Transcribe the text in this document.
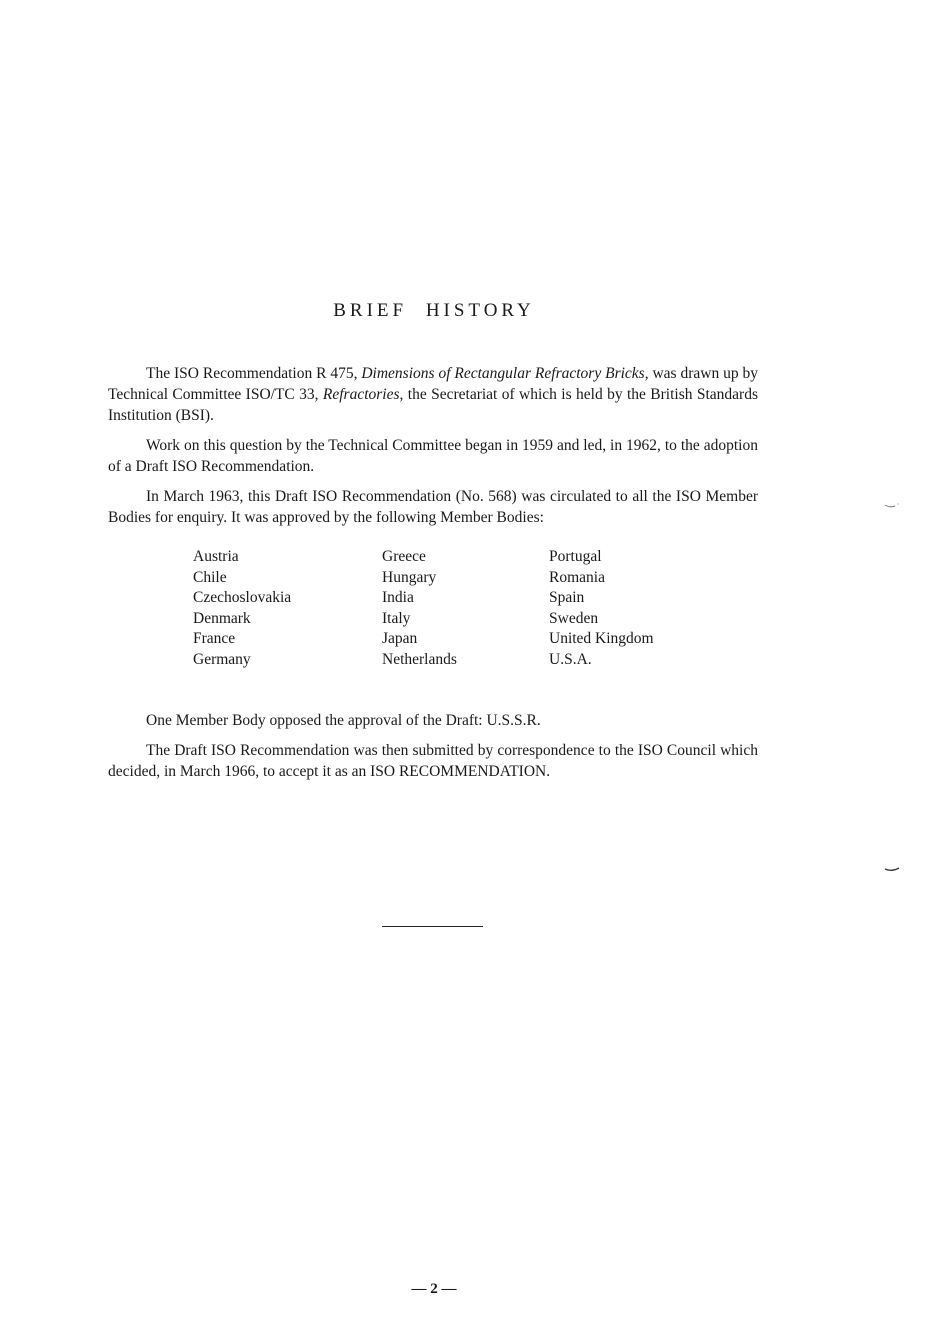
BRIEF HISTORY

The ISO Recommendation R 475, Dimensions of Rectangular Refractory Bricks, was drawn up by Technical Committee ISO/TC 33, Refractories, the Secretariat of which is held by the British Standards Institution (BSI).

Work on this question by the Technical Committee began in 1959 and led, in 1962, to the adoption of a Draft ISO Recommendation.

In March 1963, this Draft ISO Recommendation (No. 568) was circulated to all the ISO Member Bodies for enquiry. It was approved by the following Member Bodies:

Austria
Chile
Czechoslovakia
Denmark
France
Germany
Greece
Hungary
India
Italy
Japan
Netherlands
Portugal
Romania
Spain
Sweden
United Kingdom
U.S.A.

One Member Body opposed the approval of the Draft: U.S.S.R.

The Draft ISO Recommendation was then submitted by correspondence to the ISO Council which decided, in March 1966, to accept it as an ISO RECOMMENDATION.

— 2 —
